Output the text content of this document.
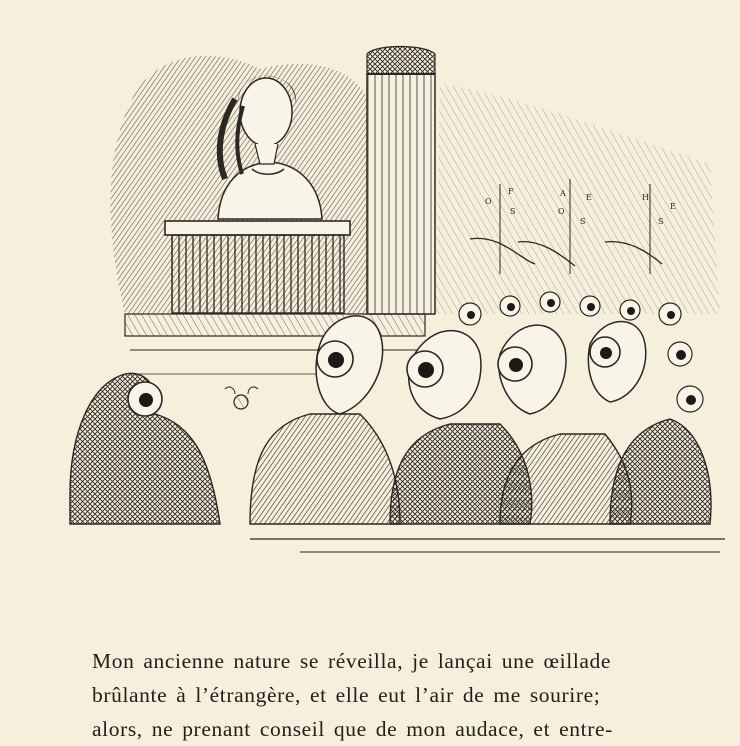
O
F
S
A
O
S
E	H
S
E
Mon ancienne nature se réveilla, je lançai une œillade
brûlante à l’étrangère, et elle eut l’air de me sourire;
alors, ne prenant conseil que de mon audace, et entre-
